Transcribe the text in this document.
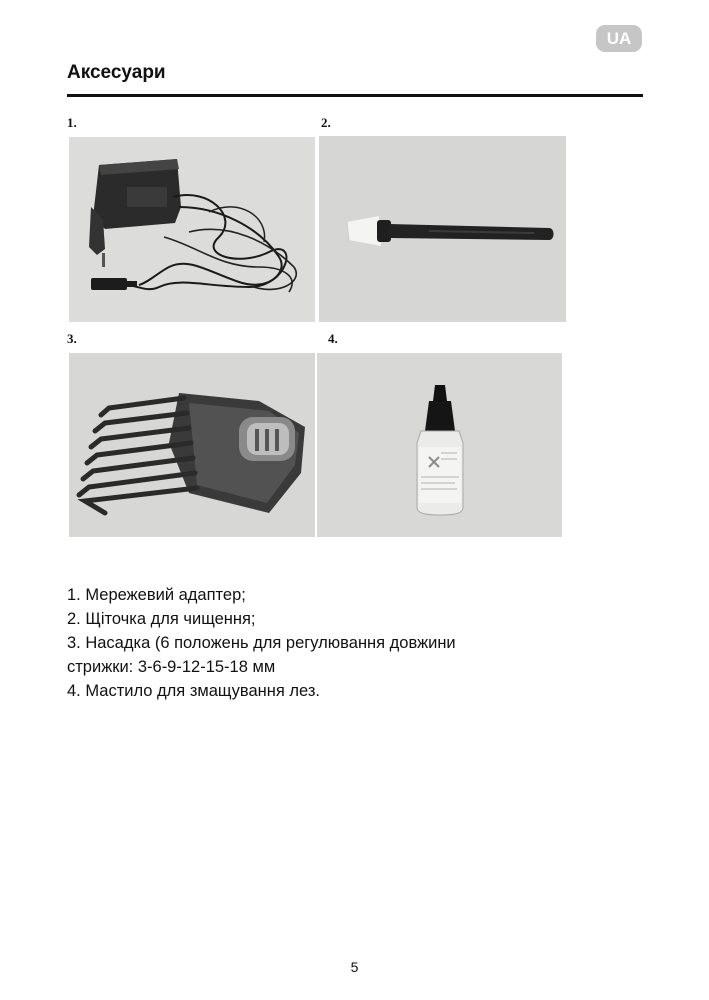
UA
Аксесуари
1.	2.
3.	4.
1. Мережевий адаптер;
2. Щіточка для чищення;
3. Насадка (6 положень для регулювання довжини
стрижки: 3-6-9-12-15-18 мм
4. Мастило для змащування лез.
5
